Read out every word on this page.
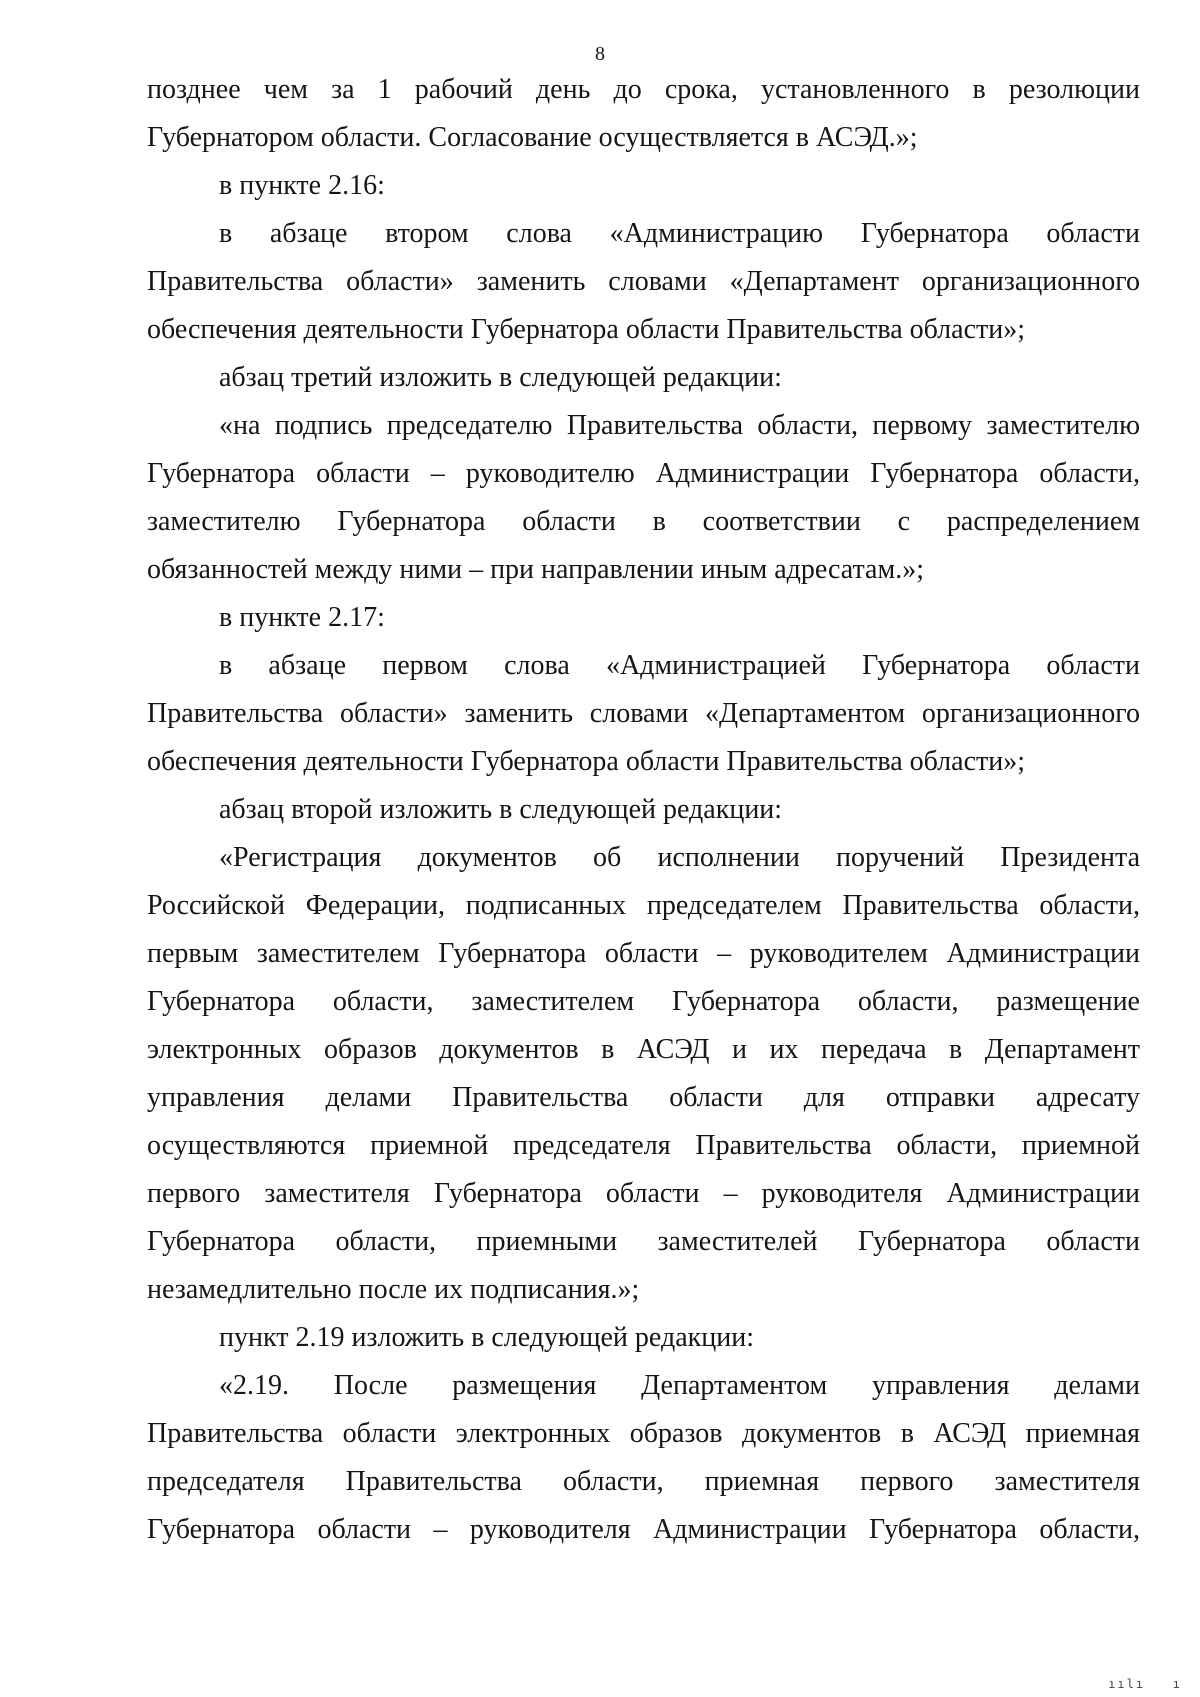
8
позднее чем за 1 рабочий день до срока, установленного в резолюции
Губернатором области. Согласование осуществляется в АСЭД.»;
в пункте 2.16:
в абзаце втором слова «Администрацию Губернатора области
Правительства области» заменить словами «Департамент организационного
обеспечения деятельности Губернатора области Правительства области»;
абзац третий изложить в следующей редакции:
«на подпись председателю Правительства области, первому заместителю
Губернатора области – руководителю Администрации Губернатора области,
заместителю Губернатора области в соответствии с распределением
обязанностей между ними – при направлении иным адресатам.»;
в пункте 2.17:
в абзаце первом слова «Администрацией Губернатора области
Правительства области» заменить словами «Департаментом организационного
обеспечения деятельности Губернатора области Правительства области»;
абзац второй изложить в следующей редакции:
«Регистрация документов об исполнении поручений Президента
Российской Федерации, подписанных председателем Правительства области,
первым заместителем Губернатора области – руководителем Администрации
Губернатора области, заместителем Губернатора области, размещение
электронных образов документов в АСЭД и их передача в Департамент
управления делами Правительства области для отправки адресату
осуществляются приемной председателя Правительства области, приемной
первого заместителя Губернатора области – руководителя Администрации
Губернатора области, приемными заместителей Губернатора области
незамедлительно после их подписания.»;
пункт 2.19 изложить в следующей редакции:
«2.19. После размещения Департаментом управления делами
Правительства области электронных образов документов в АСЭД приемная
председателя Правительства области, приемная первого заместителя
Губернатора области – руководителя Администрации Губернатора области,
ıılı   ı
